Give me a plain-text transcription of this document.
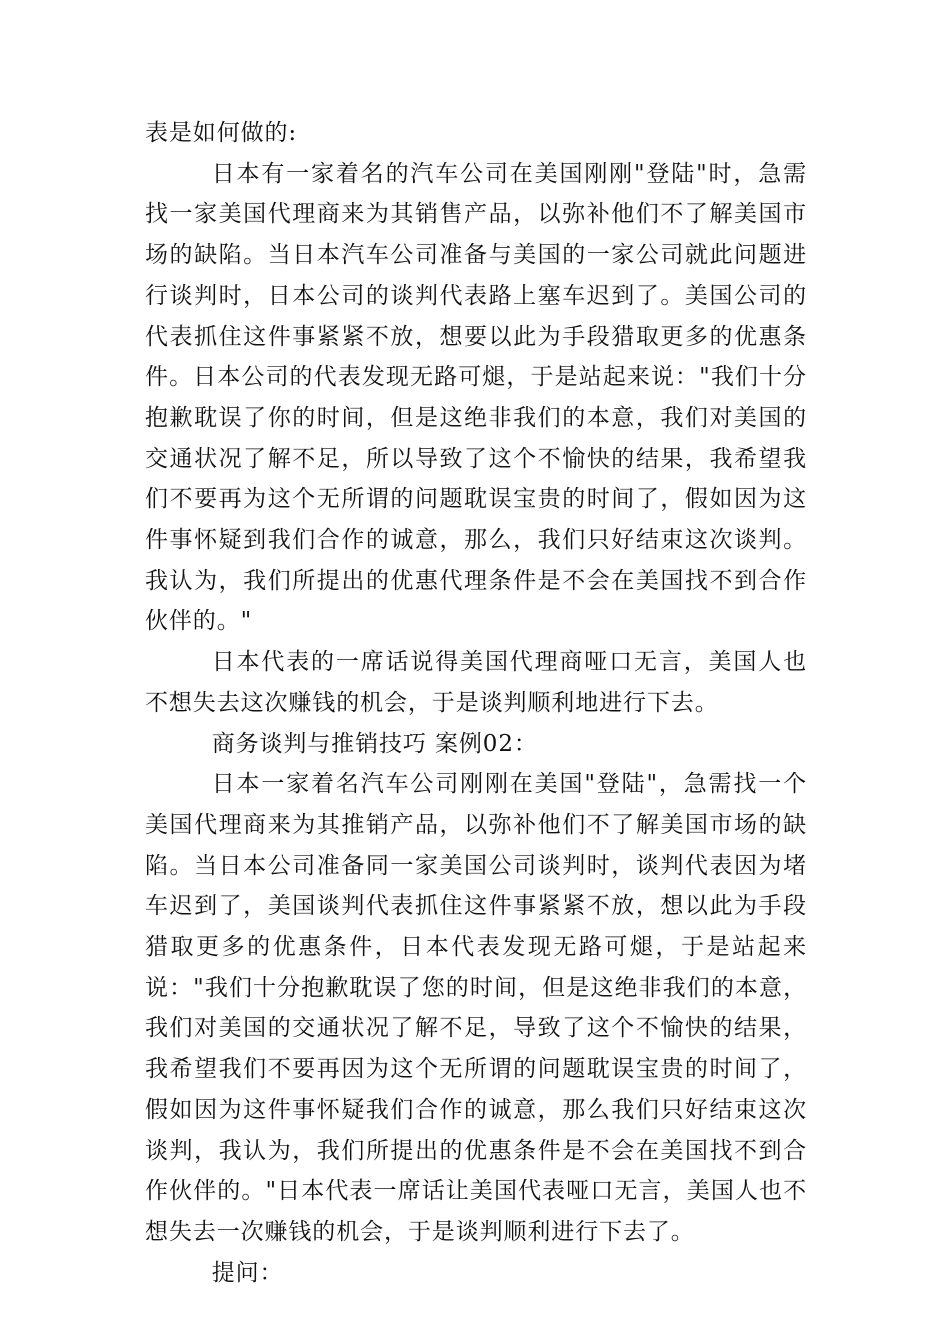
表是如何做的:

日本有一家着名的汽车公司在美国刚刚"登陆"时，急需找一家美国代理商来为其销售产品，以弥补他们不了解美国市场的缺陷。当日本汽车公司准备与美国的一家公司就此问题进行谈判时，日本公司的谈判代表路上塞车迟到了。美国公司的代表抓住这件事紧紧不放，想要以此为手段猎取更多的优惠条件。日本公司的代表发现无路可煺，于是站起来说："我们十分抱歉耽误了你的时间，但是这绝非我们的本意，我们对美国的交通状况了解不足，所以导致了这个不愉快的结果，我希望我们不要再为这个无所谓的问题耽误宝贵的时间了，假如因为这件事怀疑到我们合作的诚意，那么，我们只好结束这次谈判。我认为，我们所提出的优惠代理条件是不会在美国找不到合作伙伴的。"

日本代表的一席话说得美国代理商哑口无言，美国人也不想失去这次赚钱的机会，于是谈判顺利地进行下去。

商务谈判与推销技巧 案例02：

日本一家着名汽车公司刚刚在美国"登陆"，急需找一个美国代理商来为其推销产品，以弥补他们不了解美国市场的缺陷。当日本公司准备同一家美国公司谈判时，谈判代表因为堵车迟到了，美国谈判代表抓住这件事紧紧不放，想以此为手段猎取更多的优惠条件，日本代表发现无路可煺，于是站起来说："我们十分抱歉耽误了您的时间，但是这绝非我们的本意，我们对美国的交通状况了解不足，导致了这个不愉快的结果，我希望我们不要再因为这个无所谓的问题耽误宝贵的时间了，假如因为这件事怀疑我们合作的诚意，那么我们只好结束这次谈判，我认为，我们所提出的优惠条件是不会在美国找不到合作伙伴的。"日本代表一席话让美国代表哑口无言，美国人也不想失去一次赚钱的机会，于是谈判顺利进行下去了。

提问：
